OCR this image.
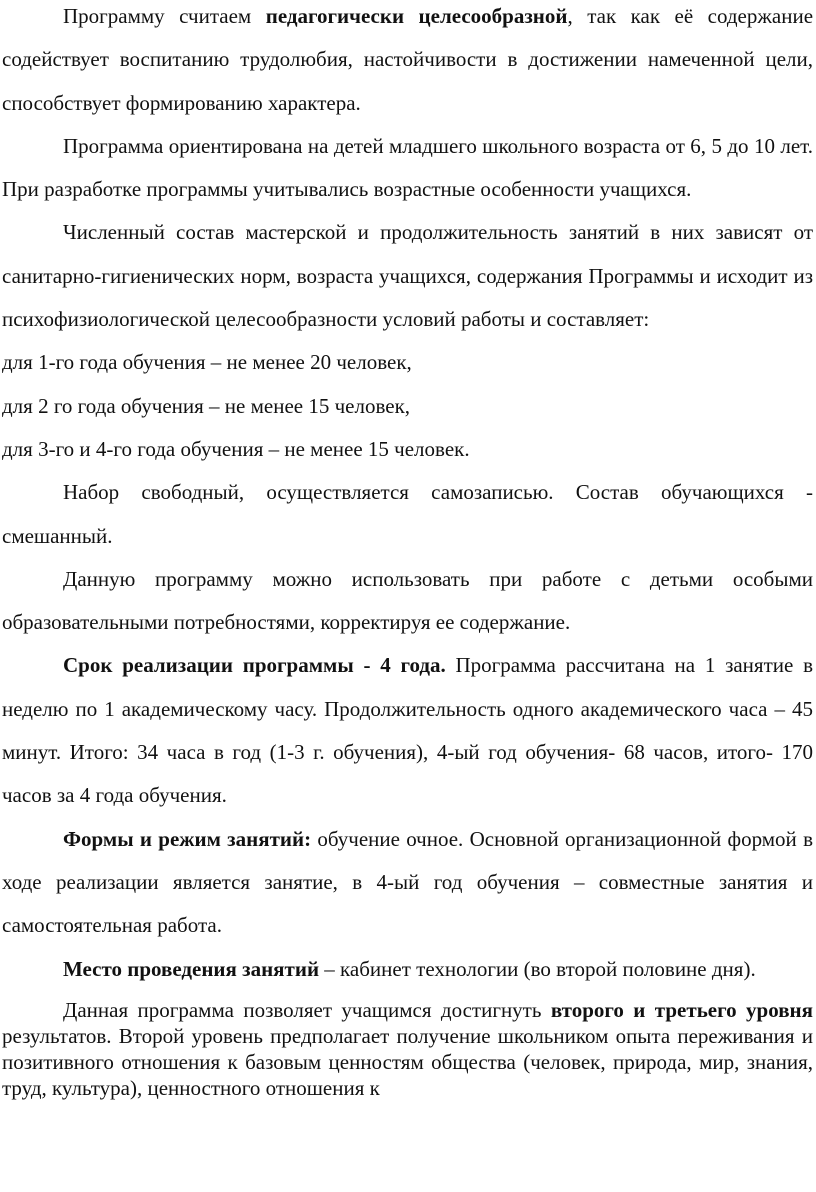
Программу считаем педагогически целесообразной, так как её содержание содействует воспитанию трудолюбия, настойчивости в достижении намеченной цели, способствует формированию характера.

Программа ориентирована на детей младшего школьного возраста от 6, 5 до 10 лет. При разработке программы учитывались возрастные особенности учащихся.

Численный состав мастерской и продолжительность занятий в них зависят от санитарно-гигиенических норм, возраста учащихся, содержания Программы и исходит из психофизиологической целесообразности условий работы и составляет:

для 1-го года обучения – не менее 20 человек,

для 2 го года обучения – не менее 15 человек,

для 3-го и 4-го года обучения – не менее 15 человек.

Набор свободный, осуществляется самозаписью. Состав обучающихся - смешанный.

Данную программу можно использовать при работе с детьми особыми образовательными потребностями, корректируя ее содержание.

Срок реализации программы - 4 года. Программа рассчитана на 1 занятие в неделю по 1 академическому часу. Продолжительность одного академического часа – 45 минут. Итого: 34 часа в год (1-3 г. обучения), 4-ый год обучения- 68 часов, итого- 170 часов за 4 года обучения.

Формы и режим занятий: обучение очное. Основной организационной формой в ходе реализации является занятие, в 4-ый год обучения – совместные занятия и самостоятельная работа.

Место проведения занятий – кабинет технологии (во второй половине дня).

Данная программа позволяет учащимся достигнуть второго и третьего уровня результатов. Второй уровень предполагает получение школьником опыта переживания и позитивного отношения к базовым ценностям общества (человек, природа, мир, знания, труд, культура), ценностного отношения к
